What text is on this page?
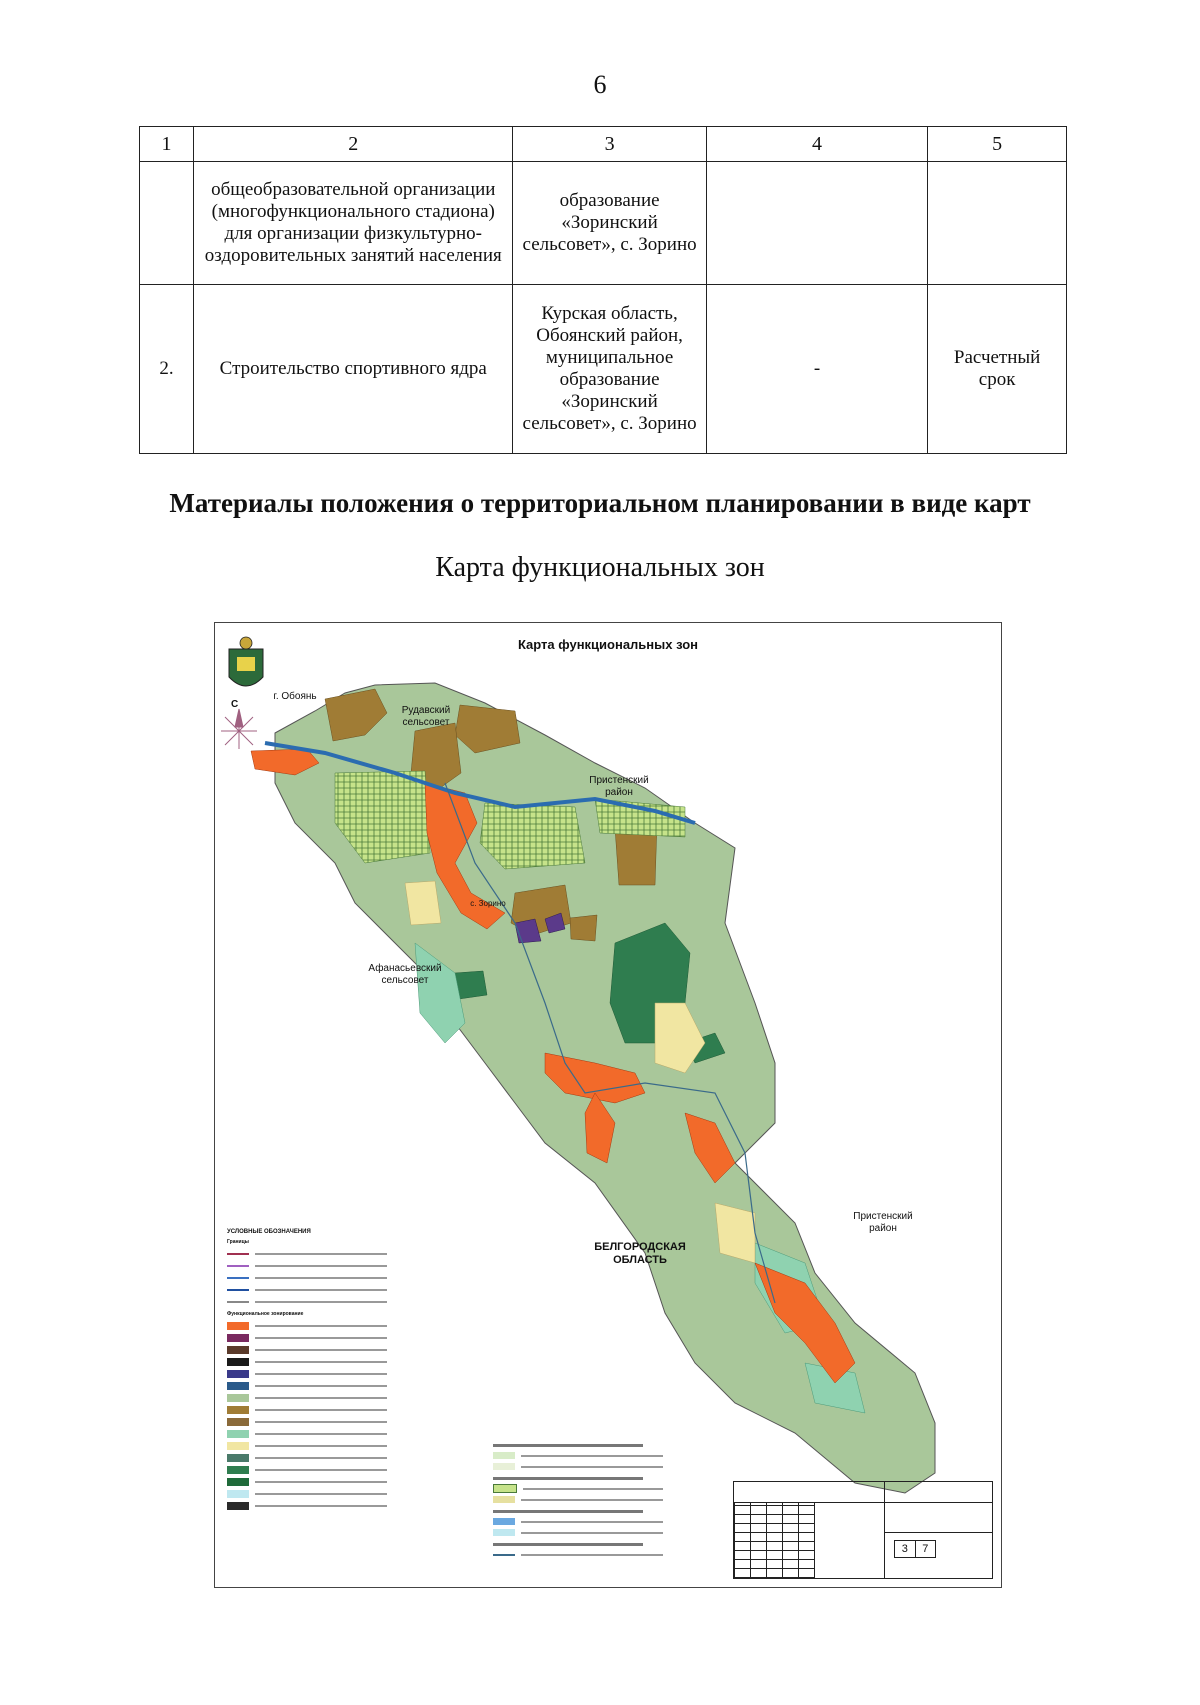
6
1	2	3	4	5
	общеобразовательной организации (многофункционального стадиона) для организации физкультурно-оздоровительных занятий населения	образование «Зоринский сельсовет», с. Зорино		
2.	Строительство спортивного ядра	Курская область, Обоянский район, муниципальное образование «Зоринский сельсовет», с. Зорино	-	Расчетный срок
Материалы положения о территориальном планировании в виде карт
Карта функциональных зон
Карта функциональных зон
С
г. Обоянь
Рудавский сельсовет
Пристенский район
Афанасьевский сельсовет
с. Зорино
БЕЛГОРОДСКАЯ ОБЛАСТЬ
Пристенский район
УСЛОВНЫЕ ОБОЗНАЧЕНИЯ
Границы
Функциональное зонирование
3	7
